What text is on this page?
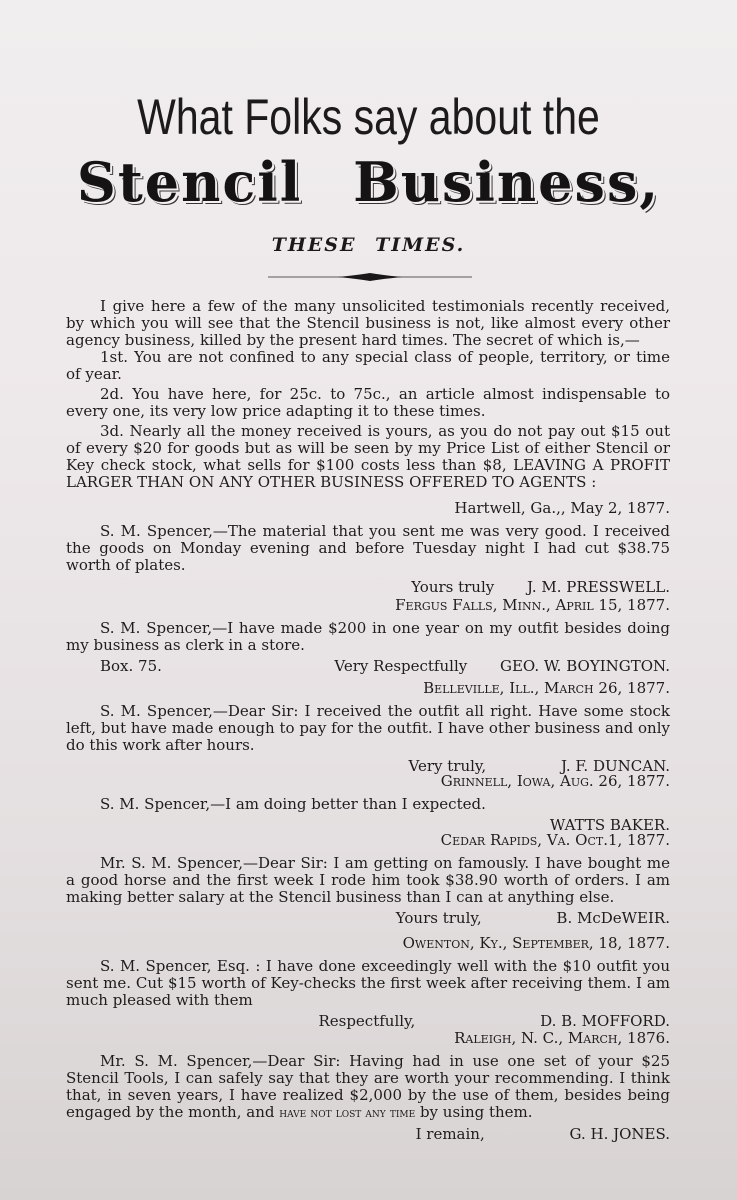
What Folks say about the
Stencil Business,
THESE TIMES.

I give here a few of the many unsolicited testimonials recently received, by which you will see that the Stencil business is not, like almost every other agency business, killed by the present hard times. The secret of which is,—

1st. You are not confined to any special class of people, territory, or time of year.

2d. You have here, for 25c. to 75c., an article almost indispensable to every one, its very low price adapting it to these times.

3d. Nearly all the money received is yours, as you do not pay out $15 out of every $20 for goods but as will be seen by my Price List of either Stencil or Key check stock, what sells for $100 costs less than $8, LEAVING A PROFIT LARGER THAN ON ANY OTHER BUSINESS OFFERED TO AGENTS :

Hartwell, Ga.,, May 2, 1877.

S. M. Spencer,—The material that you sent me was very good. I received the goods on Monday evening and before Tuesday night I had cut $38.75 worth of plates.

Yours truly J. M. PRESSWELL.

Fergus Falls, Minn., April 15, 1877.

S. M. Spencer,—I have made $200 in one year on my outfit besides doing my business as clerk in a store.

Box. 75.	Very Respectfully GEO. W. BOYINGTON.

Belleville, Ill., March 26, 1877.

S. M. Spencer,—Dear Sir: I received the outfit all right. Have some stock left, but have made enough to pay for the outfit. I have other business and only do this work after hours.

Very truly,	J. F. DUNCAN.

Grinnell, Iowa, Aug. 26, 1877.

S. M. Spencer,—I am doing better than I expected.

WATTS BAKER.

Cedar Rapids, Va. Oct.1, 1877.

Mr. S. M. Spencer,—Dear Sir: I am getting on famously. I have bought me a good horse and the first week I rode him took $38.90 worth of orders. I am making better salary at the Stencil business than I can at anything else.

Yours truly,	B. McDeWEIR.

Owenton, Ky., September, 18, 1877.

S. M. Spencer, Esq. : I have done exceedingly well with the $10 outfit you sent me. Cut $15 worth of Key-checks the first week after receiving them. I am much pleased with them

Respectfully,	D. B. MOFFORD.

Raleigh, N. C., March, 1876.

Mr. S. M. Spencer,—Dear Sir: Having had in use one set of your $25 Stencil Tools, I can safely say that they are worth your recommending. I think that, in seven years, I have realized $2,000 by the use of them, besides being engaged by the month, and have not lost any time by using them.

I remain,	G. H. JONES.
